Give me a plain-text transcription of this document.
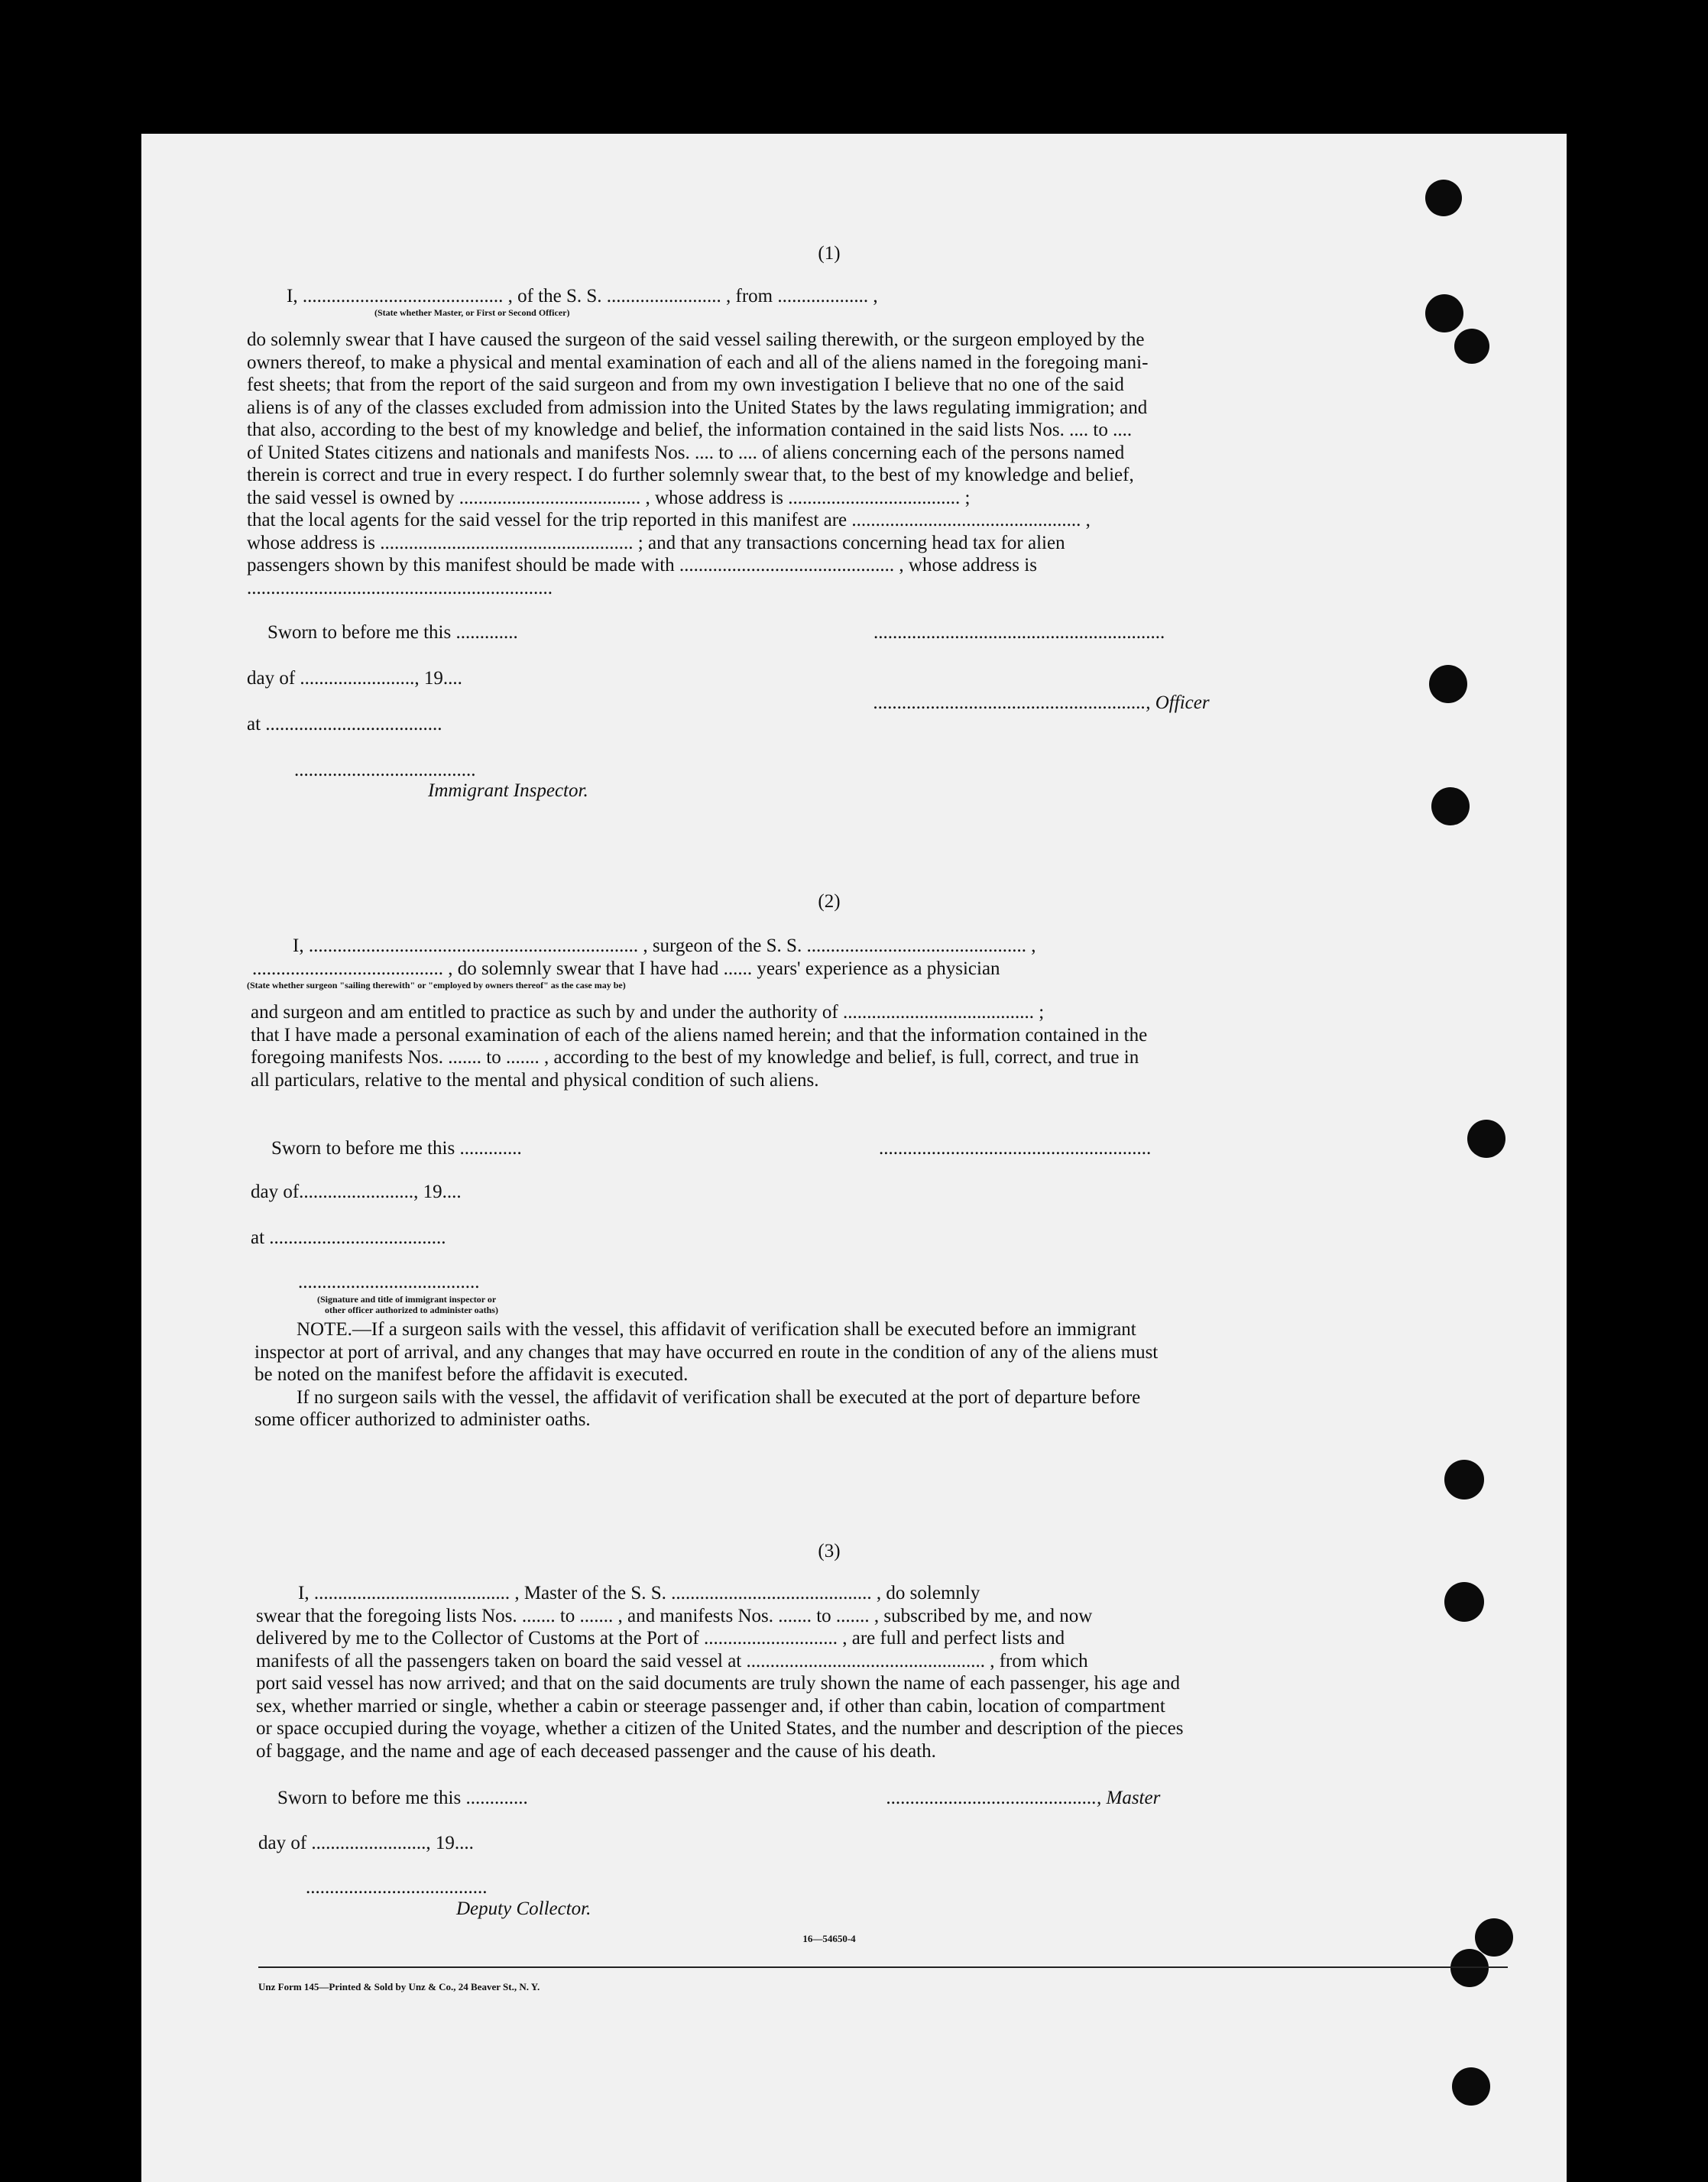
(1)
I, .......................................... , of the S. S. ........................ , from ................... ,
(State whether Master, or First or Second Officer)
do solemnly swear that I have caused the surgeon of the said vessel sailing therewith, or the surgeon employed by the
owners thereof, to make a physical and mental examination of each and all of the aliens named in the foregoing mani-
fest sheets; that from the report of the said surgeon and from my own investigation I believe that no one of the said
aliens is of any of the classes excluded from admission into the United States by the laws regulating immigration; and
that also, according to the best of my knowledge and belief, the information contained in the said lists Nos. .... to ....
of United States citizens and nationals and manifests Nos. .... to .... of aliens concerning each of the persons named
therein is correct and true in every respect. I do further solemnly swear that, to the best of my knowledge and belief,
the said vessel is owned by ...................................... , whose address is .................................... ;
that the local agents for the said vessel for the trip reported in this manifest are ................................................ ,
whose address is ..................................................... ; and that any transactions concerning head tax for alien
passengers shown by this manifest should be made with ............................................. , whose address is
................................................................
Sworn to before me this .............	.............................................................
day of ........................, 19....
........................................................., Officer
at .....................................
......................................
Immigrant Inspector.
(2)
I, ..................................................................... , surgeon of the S. S. .............................................. ,
........................................ , do solemnly swear that I have had ...... years' experience as a physician
(State whether surgeon "sailing therewith" or "employed by owners thereof" as the case may be)
and surgeon and am entitled to practice as such by and under the authority of ........................................ ;
that I have made a personal examination of each of the aliens named herein; and that the information contained in the
foregoing manifests Nos. ....... to ....... , according to the best of my knowledge and belief, is full, correct, and true in
all particulars, relative to the mental and physical condition of such aliens.
Sworn to before me this .............	.........................................................
day of........................, 19....
at .....................................
......................................
(Signature and title of immigrant inspector or
other officer authorized to administer oaths)
NOTE.—If a surgeon sails with the vessel, this affidavit of verification shall be executed before an immigrant
inspector at port of arrival, and any changes that may have occurred en route in the condition of any of the aliens must
be noted on the manifest before the affidavit is executed.
If no surgeon sails with the vessel, the affidavit of verification shall be executed at the port of departure before
some officer authorized to administer oaths.
(3)
I, ......................................... , Master of the S. S. .......................................... , do solemnly
swear that the foregoing lists Nos. ....... to ....... , and manifests Nos. ....... to ....... , subscribed by me, and now
delivered by me to the Collector of Customs at the Port of ............................ , are full and perfect lists and
manifests of all the passengers taken on board the said vessel at .................................................. , from which
port said vessel has now arrived; and that on the said documents are truly shown the name of each passenger, his age and
sex, whether married or single, whether a cabin or steerage passenger and, if other than cabin, location of compartment
or space occupied during the voyage, whether a citizen of the United States, and the number and description of the pieces
of baggage, and the name and age of each deceased passenger and the cause of his death.
Sworn to before me this .............	............................................, Master
day of ........................, 19....
......................................
Deputy Collector.
16—54650-4
Unz Form 145—Printed & Sold by Unz & Co., 24 Beaver St., N. Y.
